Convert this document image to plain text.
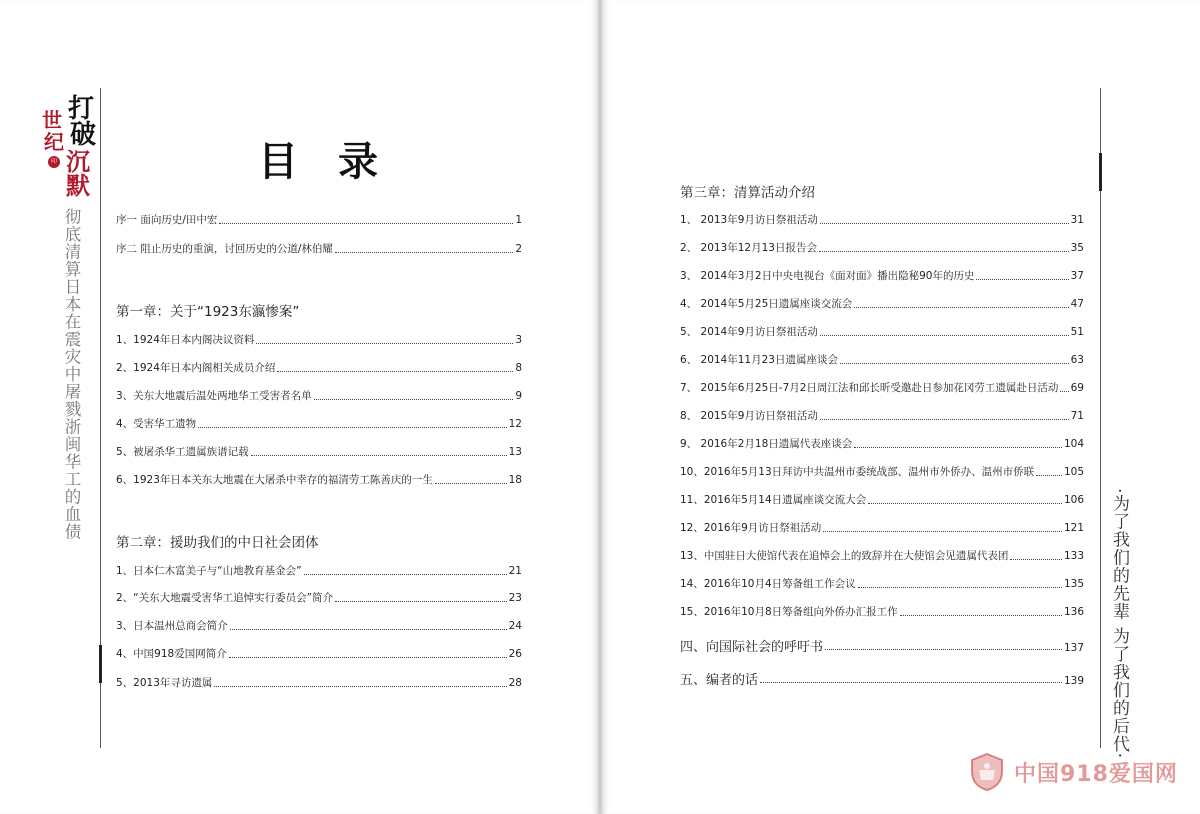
打
破
世
纪
沉
默
印
彻底清算日本在震灾中屠戮浙闽华工的血债
目录
序一 面向历史/田中宏	1
序二 阻止历史的重演，讨回历史的公道/林伯耀	2
第一章：关于“1923东瀛惨案”
1、1924年日本内阁决议资料	3
2、1924年日本内阁相关成员介绍	8
3、关东大地震后温处两地华工受害者名单	9
4、受害华工遗物	12
5、被屠杀华工遗属族谱记载	13
6、1923年日本关东大地震在大屠杀中幸存的福清劳工陈善庆的一生	18
第二章：援助我们的中日社会团体
1、日本仁木富美子与“山地教育基金会”	21
2、“关东大地震受害华工追悼实行委员会”简介	23
3、日本温州总商会简介	24
4、中国918爱国网简介	26
5、2013年寻访遗属	28
第三章：清算活动介绍
1、 2013年9月访日祭祖活动	31
2、 2013年12月13日报告会	35
3、 2014年3月2日中央电视台《面对面》播出隐秘90年的历史	37
4、 2014年5月25日遗属座谈交流会	47
5、 2014年9月访日祭祖活动	51
6、 2014年11月23日遗属座谈会	63
7、 2015年6月25日-7月2日周江法和邱长昕受邀赴日参加花冈劳工遗属赴日活动 69
8、 2015年9月访日祭祖活动	71
9、 2016年2月18日遗属代表座谈会	104
10、2016年5月13日拜访中共温州市委统战部、温州市外侨办、温州市侨联	105
11、2016年5月14日遗属座谈交流大会	106
12、2016年9月访日祭祖活动	121
13、中国驻日大使馆代表在追悼会上的致辞并在大使馆会见遗属代表团	133
14、2016年10月4日筹备组工作会议	135
15、2016年10月8日筹备组向外侨办汇报工作	136
四、向国际社会的呼吁书	137
五、编者的话	139 ·为了我们的先辈 为了我们的后代·
中国918爱国网
